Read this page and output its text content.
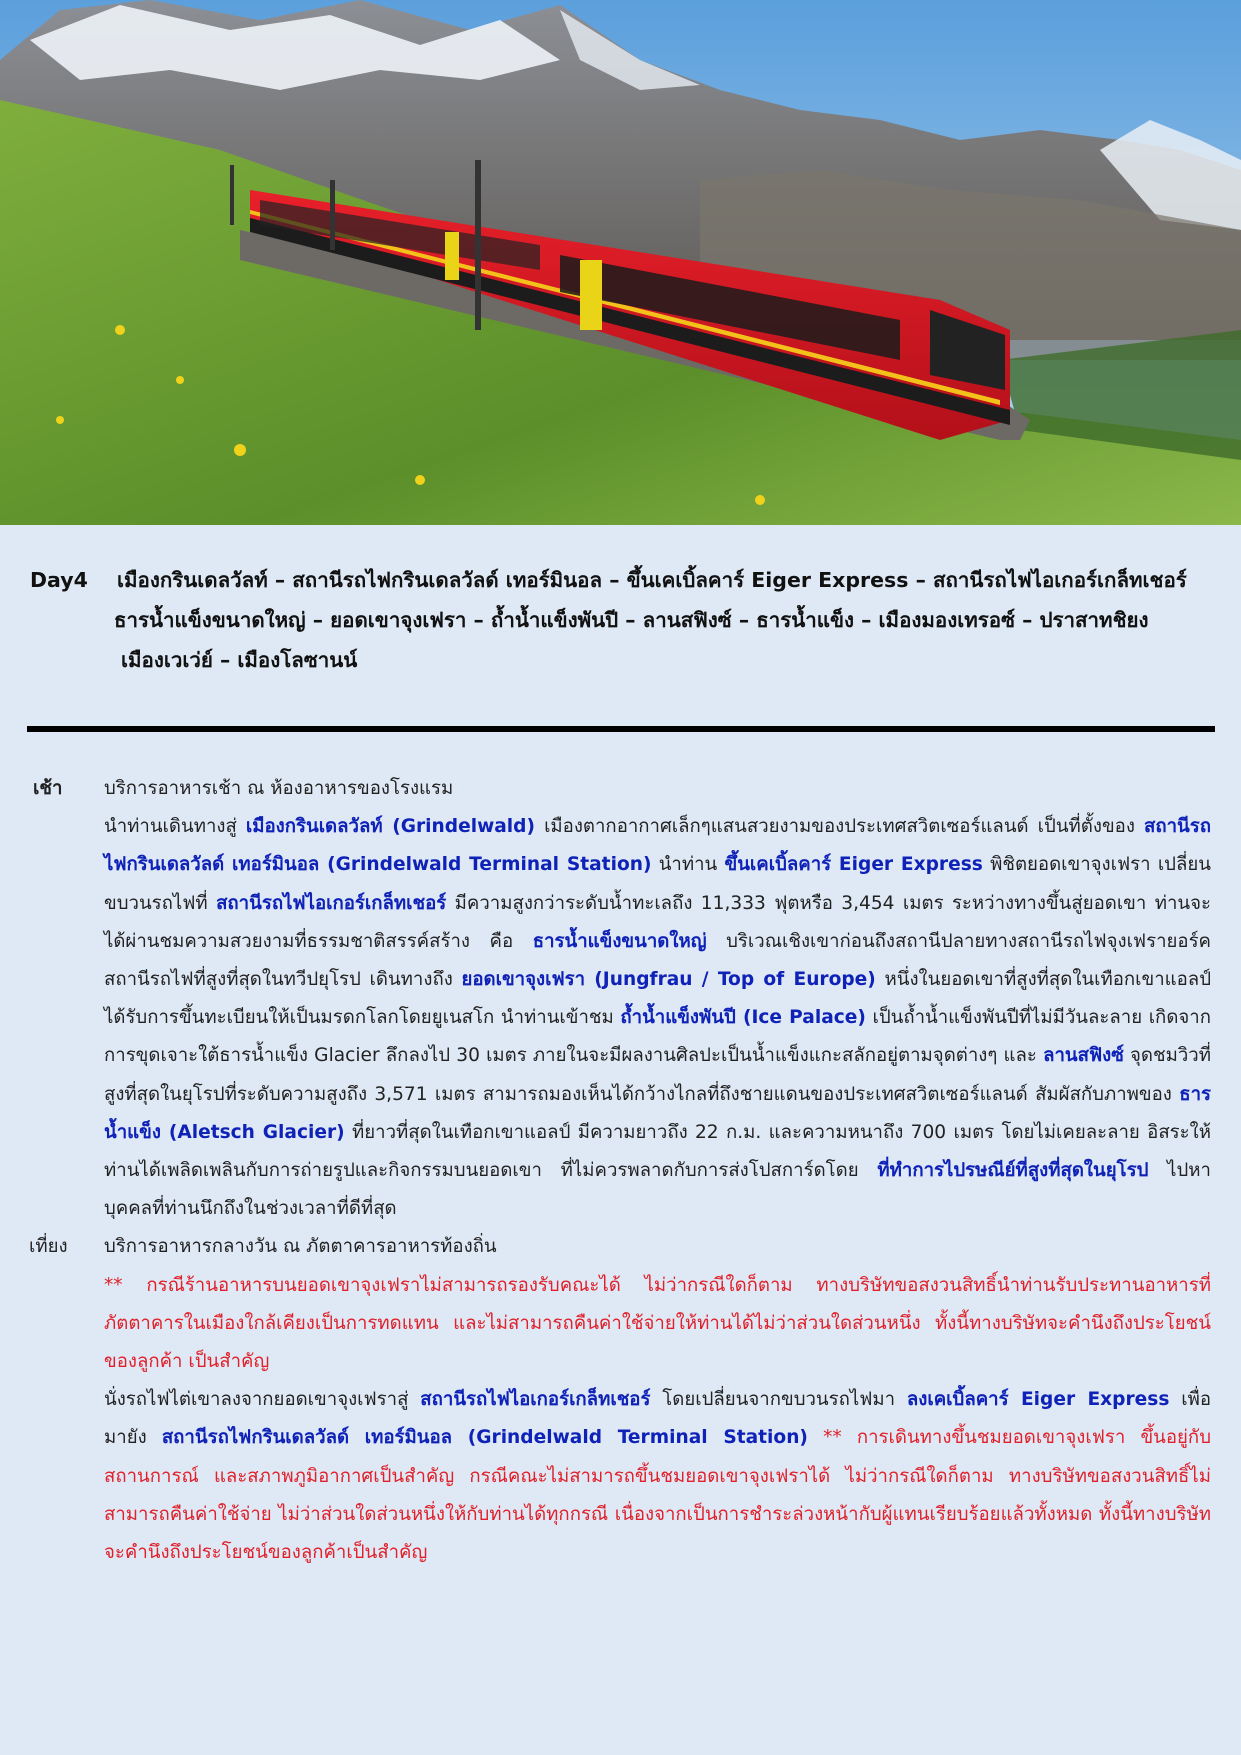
Day4	เมืองกรินเดลวัลท์ – สถานีรถไฟกรินเดลวัลด์ เทอร์มินอล – ขึ้นเคเบิ้ลคาร์ Eiger Express – สถานีรถไฟไอเกอร์เกล็ทเชอร์
ธารน้ำแข็งขนาดใหญ่ – ยอดเขาจุงเฟรา – ถ้ำน้ำแข็งพันปี – ลานสฟิงซ์ – ธารน้ำแข็ง – เมืองมองเทรอซ์ – ปราสาทชิยง
เมืองเวเว่ย์ – เมืองโลซานน์
เช้า บริการอาหารเช้า ณ ห้องอาหารของโรงแรม
นำท่านเดินทางสู่ เมืองกรินเดลวัลท์ (Grindelwald) เมืองตากอากาศเล็กๆแสนสวยงามของประเทศสวิตเซอร์แลนด์ เป็นที่ตั้งของ สถานีรถไฟกรินเดลวัลด์ เทอร์มินอล (Grindelwald Terminal Station) นำท่าน ขึ้นเคเบิ้ลคาร์ Eiger Express พิชิตยอดเขาจุงเฟรา เปลี่ยนขบวนรถไฟที่ สถานีรถไฟไอเกอร์เกล็ทเชอร์ มีความสูงกว่าระดับน้ำทะเลถึง 11,333 ฟุตหรือ 3,454 เมตร ระหว่างทางขึ้นสู่ยอดเขา ท่านจะได้ผ่านชมความสวยงามที่ธรรมชาติสรรค์สร้าง คือ ธารน้ำแข็งขนาดใหญ่ บริเวณเชิงเขาก่อนถึงสถานีปลายทางสถานีรถไฟจุงเฟรายอร์ค สถานีรถไฟที่สูงที่สุดในทวีปยุโรป เดินทางถึง ยอดเขาจุงเฟรา (Jungfrau / Top of Europe) หนึ่งในยอดเขาที่สูงที่สุดในเทือกเขาแอลป์ ได้รับการขึ้นทะเบียนให้เป็นมรดกโลกโดยยูเนสโก นำท่านเข้าชม ถ้ำน้ำแข็งพันปี (Ice Palace) เป็นถ้ำน้ำแข็งพันปีที่ไม่มีวันละลาย เกิดจากการขุดเจาะใต้ธารน้ำแข็ง Glacier ลึกลงไป 30 เมตร ภายในจะมีผลงานศิลปะเป็นน้ำแข็งแกะสลักอยู่ตามจุดต่างๆ และ ลานสฟิงซ์ จุดชมวิวที่สูงที่สุดในยุโรปที่ระดับความสูงถึง 3,571 เมตร สามารถมองเห็นได้กว้างไกลที่ถึงชายแดนของประเทศสวิตเซอร์แลนด์ สัมผัสกับภาพของ ธารน้ำแข็ง (Aletsch Glacier) ที่ยาวที่สุดในเทือกเขาแอลป์ มีความยาวถึง 22 ก.ม. และความหนาถึง 700 เมตร โดยไม่เคยละลาย อิสระให้ท่านได้เพลิดเพลินกับการถ่ายรูปและกิจกรรมบนยอดเขา ที่ไม่ควรพลาดกับการส่งโปสการ์ดโดย ที่ทำการไปรษณีย์ที่สูงที่สุดในยุโรป ไปหาบุคคลที่ท่านนึกถึงในช่วงเวลาที่ดีที่สุด
เที่ยง บริการอาหารกลางวัน ณ ภัตตาคารอาหารท้องถิ่น
** กรณีร้านอาหารบนยอดเขาจุงเฟราไม่สามารถรองรับคณะได้ ไม่ว่ากรณีใดก็ตาม ทางบริษัทขอสงวนสิทธิ์นำท่านรับประทานอาหารที่ภัตตาคารในเมืองใกล้เคียงเป็นการทดแทน และไม่สามารถคืนค่าใช้จ่ายให้ท่านได้ไม่ว่าส่วนใดส่วนหนึ่ง ทั้งนี้ทางบริษัทจะคำนึงถึงประโยชน์ของลูกค้า เป็นสำคัญ
นั่งรถไฟไต่เขาลงจากยอดเขาจุงเฟราสู่ สถานีรถไฟไอเกอร์เกล็ทเชอร์ โดยเปลี่ยนจากขบวนรถไฟมา ลงเคเบิ้ลคาร์ Eiger Express เพื่อมายัง สถานีรถไฟกรินเดลวัลด์ เทอร์มินอล (Grindelwald Terminal Station) ** การเดินทางขึ้นชมยอดเขาจุงเฟรา ขึ้นอยู่กับสถานการณ์ และสภาพภูมิอากาศเป็นสำคัญ กรณีคณะไม่สามารถขึ้นชมยอดเขาจุงเฟราได้ ไม่ว่ากรณีใดก็ตาม ทางบริษัทขอสงวนสิทธิ์ไม่สามารถคืนค่าใช้จ่าย ไม่ว่าส่วนใดส่วนหนึ่งให้กับท่านได้ทุกกรณี เนื่องจากเป็นการชำระล่วงหน้ากับผู้แทนเรียบร้อยแล้วทั้งหมด ทั้งนี้ทางบริษัทจะคำนึงถึงประโยชน์ของลูกค้าเป็นสำคัญ
